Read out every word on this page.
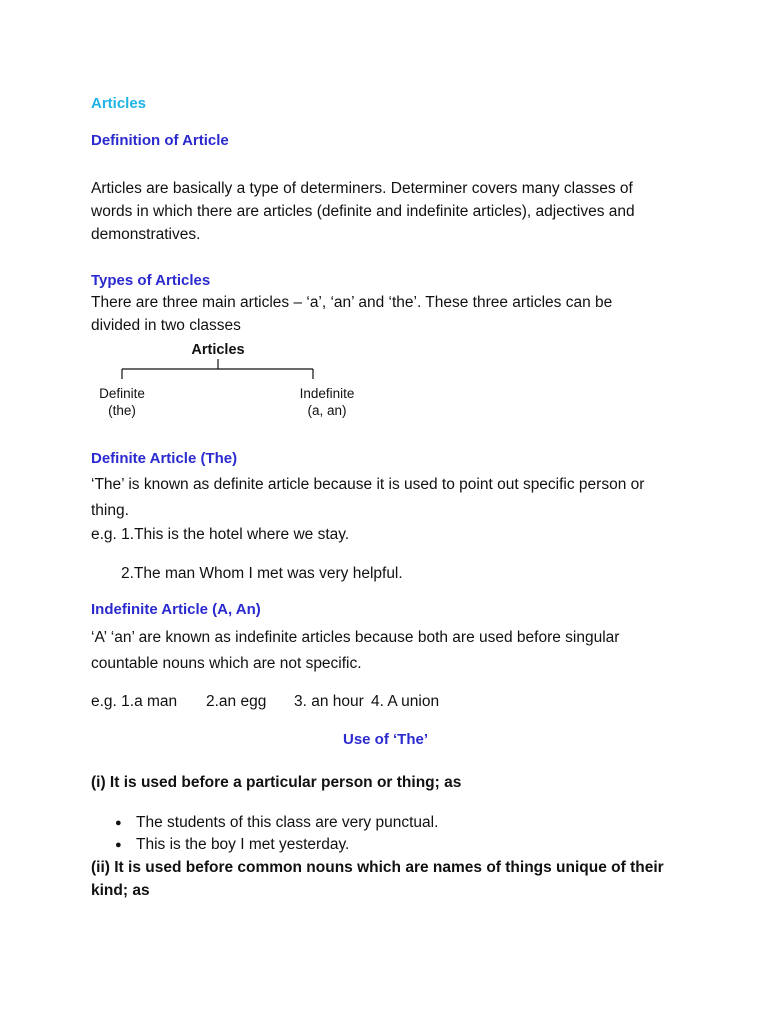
Articles
Definition of Article
Articles are basically a type of determiners. Determiner covers many classes of
words in which there are articles (definite and indefinite articles), adjectives and
demonstratives.
Types of Articles
There are three main articles – ‘a’, ‘an’ and ‘the’. These three articles can be
divided in two classes
Articles
Definite
(the)
Indefinite
(a, an)
Definite Article (The)
‘The’ is known as definite article because it is used to point out specific person or
thing.
e.g. 1.This is the hotel where we stay.
2.The man Whom I met was very helpful.
Indefinite Article (A, An)
‘A’ ‘an’ are known as indefinite articles because both are used before singular
countable nouns which are not specific.
e.g. 1.a man 2.an egg 3. an hour 4. A union
Use of ‘The’
(i) It is used before a particular person or thing; as
● The students of this class are very punctual.
● This is the boy I met yesterday.
(ii) It is used before common nouns which are names of things unique of their
kind; as
